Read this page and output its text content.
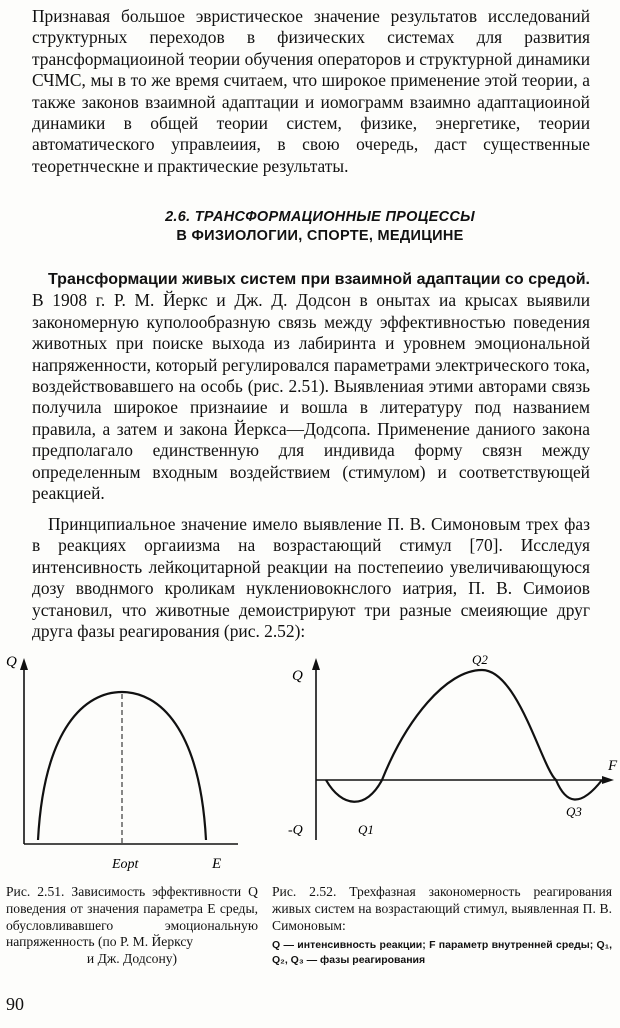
Признавая большое эвристическое значение результатов исследований структурных переходов в физических системах для развития трансформациоиной теории обучения операторов и структурной динамики СЧМС, мы в то же время считаем, что широкое применение этой теории, а также законов взаимной адаптации и иомограмм взаимно адаптациоиной динамики в общей теории систем, физике, энергетике, теории автоматического управлеиия, в свою очередь, даст существенные теоретнческне и практические результаты.

2.6. ТРАНСФОРМАЦИОННЫЕ ПРОЦЕССЫ
В ФИЗИОЛОГИИ, СПОРТЕ, МЕДИЦИНЕ

Трансформации живых систем при взаимной адаптации со средой. В 1908 г. Р. М. Йеркс и Дж. Д. Додсон в онытах иа крысах выявили закономерную куполообразную связь между эффективностью поведения животных при поиске выхода из лабиринта и уровнем эмоциональной напряженности, который регулировался параметрами электрического тока, воздействовавшего на особь (рис. 2.51). Выявлениая этими авторами связь получила широкое признаиие и вошла в литературу под названием правила, а затем и закона Йеркса—Додсопа. Применение даниого закона предполагало единственную для индивида форму связн между определенным входным воздействием (стимулом) и соответствующей реакцией.

Принципиальное значение имело выявление П. В. Симоновым трех фаз в реакциях оргаиизма на возрастающий стимул [70]. Исследуя интенсивность лейкоцитарной реакции на постепеиио увеличивающуюся дозу вводнмого кроликам нуклениовокнслого иатрия, П. В. Симоиов установил, что животные демоистрируют три разные смеияющие друг друга фазы реагирования (рис. 2.52):

Q
Eopt	E
Q
-Q
F
Q1
Q2
Q3

Рис. 2.51. Зависимость эффективности Q поведения от значения параметра E среды, обусловливавшего эмоциональную напряженность (по Р. М. Йерксу
и Дж. Додсону)

Рис. 2.52. Трехфазная закономерность реагирования живых систем на возрастающий стимул, выявленная П. В. Симоновым:
Q — интенсивность реакции; F параметр внутренней среды; Q₁, Q₂, Q₃ — фазы реагирования

90
